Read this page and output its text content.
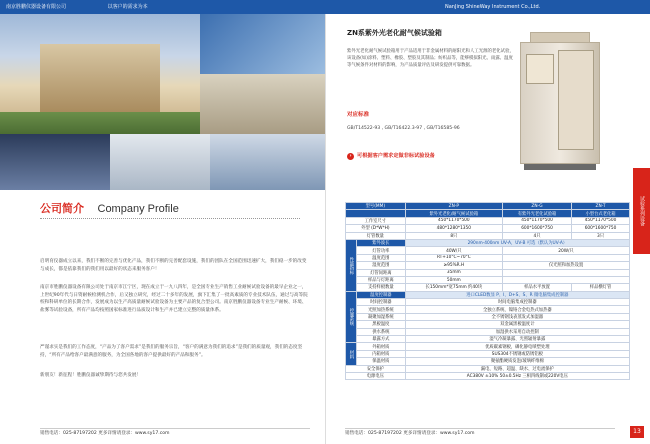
南京胜鹏仪器设备有限公司	以客户的需求为本
公司简介 Company Profile

启明育仪器成立以来，我们不断的完善与优化产品，我们不断的完善配套设施，我们的团队在全国范围迅速扩大，我们稳一步的改变与成长，都是依靠我们的我们用以最好的状态来服务客户！

南京市胜鹏仪器设备有限公司处于南京市江宁区，现在成立于一九八四年，是全国专业生产销售工业耐候试验设备的最早企业之一，上世纪90年代与日资耐候检测机合作，后又独立研究，经过二十多年的发展，旗下汇集了一批高素质的专业技术队伍，通过与高等院校和科研单位的长期合作，发展成为以生产高质量耐候试验设备为主要产品的复合型公司。南京胜鹏仪器设备专业生产耐候、环境、盐雾等试验设备，所有产品均按照国家标准进行品质设计和生产并已建立完整的质量体系。

严谨求实是我们的工作态度，“产品为了客户需求”是我们的服务宗旨，“客户的满意为我们的追求”是我们的质量观，我们的态度坚持，“所有产品给客户最满意的服务，为全国各地的客户提供最好的产品和服务”。

新朋友！新征程！胜鹏仪器诚挚期待与您共发展！

销售电话：025-87197202 更多详情请登录：www.sy17.com
NanJing ShineWay Instrument Co.,Ltd.
ZN系紫外光老化耐气候试验箱

紫外光老化耐气候试验箱用于产品适用于非金属材料的耐阳光和人工光源的老化试验，该设备(如)涂料、塑料、橡胶、塑胶及其制品；纺织品等，能够模拟阳光、雨露、温度等气候条件对材料的影响，为产品质量评估及研发提供可靠数据。

对应标准
GB/T14522-93 , GB/T16422.3-97 , GB/T16585-96
› 可根据客户需求定做非标试验设备
试验系列设备
型号(MM)		ZN-P	ZN-G	ZN-T
		紫外光老化/耐气候试验箱	有紫外光老化试验箱	小型台式老化箱
工作室尺寸		450*1170*500	450*1170*500	450*1170*500
外型 (D*W*H)		480*1280*1350	600*1600*750	600*1600*750
灯管数量		8只	4只	3只
性能指标	紫外波长	290nm-400nm UV-A，UV-B 可选（默认为UV-A）		
	灯管功率	40W/只	20W/只	
	温度范围	RT+10°C~70°C		
	湿度范围	≥95%R.H	仅光照和加热设置	
	灯管间距离	35mm		
	样品与灯距离	50mm		
	支持样板数量	长150mm*宽75mm 约40块	样品水平放置	样品横灯管
控制系统	温度控制器	进口CLED数显 P、I、D+S、S、R 微电脑集成控制器		
	时间控制器	时间电脑集成控制器		
	光照加热系统	全独立系统、镍铬合金电热式加热器		
	凝聚加湿系统	全不锈钢浅表蒸发式加湿器		
	黑板温度	双金属黑板温度计		
	供水系统	加湿供水采用自动控制		
	暴露方式	湿气冷凝暴露、光照辐射暴露		
材料	外箱材质	优质碳素钢板，磷化静电喷塑处理		
	内箱材质	SUS304不锈钢或防锈铝板		
	保温材质	聚氨酯硬质发泡/玻璃纤维棉		
安全保护		漏电、短路、超温、缺水、过电流保护		
电源电压		AC380V ±10% 50±0.5Hz 三相四线制或220V电压		
销售电话：025-87197202 更多详情请登录：www.sy17.com	13
